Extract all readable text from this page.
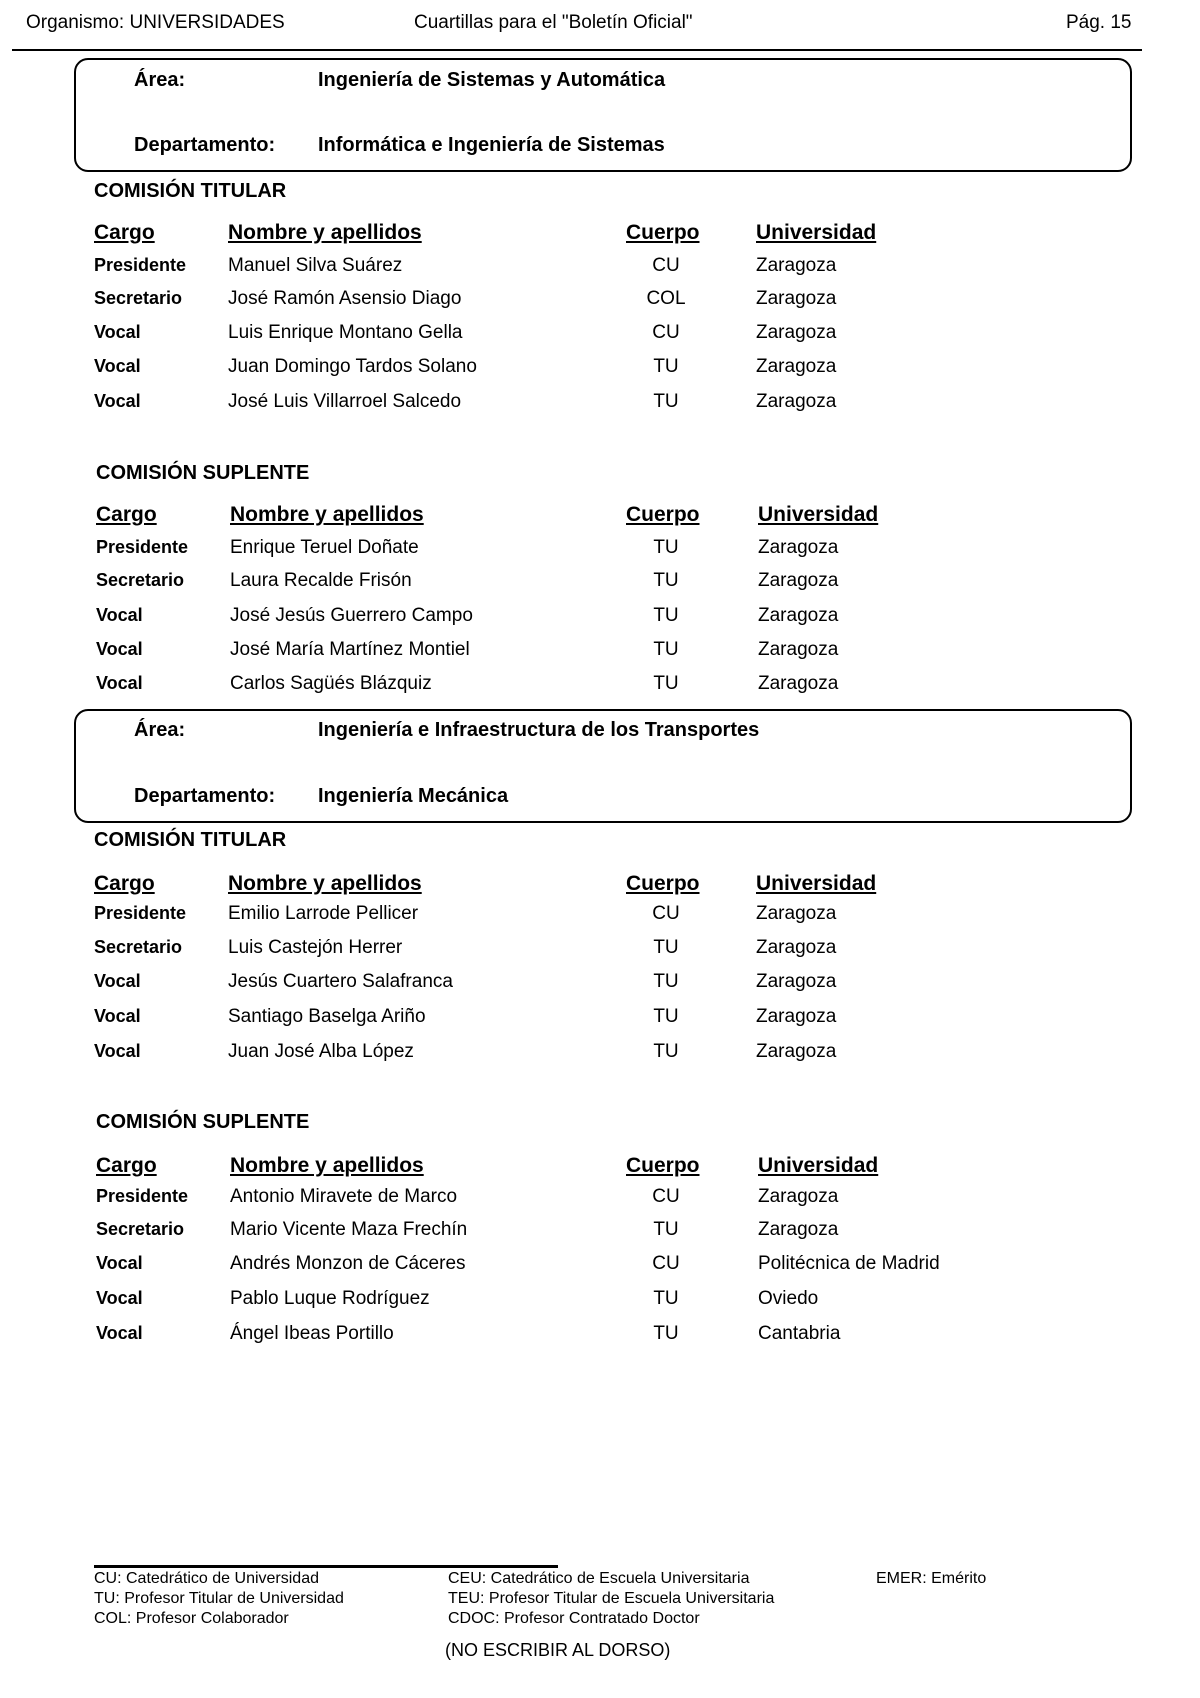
Organismo: UNIVERSIDADES	Cuartillas para el "Boletín Oficial"	Pág. 15
Área:	Ingeniería de Sistemas y Automática
Departamento: Informática e Ingeniería de Sistemas
COMISIÓN TITULAR
Cargo	Nombre y apellidos	Cuerpo	Universidad
Presidente Manuel Silva Suárez	CU	Zaragoza
Secretario José Ramón Asensio Diago	COL	Zaragoza
Vocal	Luis Enrique Montano Gella	CU	Zaragoza
Vocal	Juan Domingo Tardos Solano	TU	Zaragoza
Vocal	José Luis Villarroel Salcedo	TU	Zaragoza
COMISIÓN SUPLENTE
Cargo	Nombre y apellidos	Cuerpo	Universidad
Presidente Enrique Teruel Doñate	TU	Zaragoza
Secretario Laura Recalde Frisón	TU	Zaragoza
Vocal	José Jesús Guerrero Campo	TU	Zaragoza
Vocal	José María Martínez Montiel	TU	Zaragoza
Vocal	Carlos Sagüés Blázquiz	TU	Zaragoza
Área:	Ingeniería e Infraestructura de los Transportes
Departamento: Ingeniería Mecánica
COMISIÓN TITULAR
Cargo	Nombre y apellidos	Cuerpo	Universidad
Presidente Emilio Larrode Pellicer	CU	Zaragoza
Secretario Luis Castejón Herrer	TU	Zaragoza
Vocal	Jesús Cuartero Salafranca	TU	Zaragoza
Vocal	Santiago Baselga Ariño	TU	Zaragoza
Vocal	Juan José Alba López	TU	Zaragoza
COMISIÓN SUPLENTE
Cargo	Nombre y apellidos	Cuerpo	Universidad
Presidente Antonio Miravete de Marco	CU	Zaragoza
Secretario Mario Vicente Maza Frechín	TU	Zaragoza
Vocal	Andrés Monzon de Cáceres	CU	Politécnica de Madrid
Vocal	Pablo Luque Rodríguez	TU	Oviedo
Vocal	Ángel Ibeas Portillo	TU	Cantabria
CU: Catedrático de Universidad
TU: Profesor Titular de Universidad
COL: Profesor Colaborador
CEU: Catedrático de Escuela Universitaria
TEU: Profesor Titular de Escuela Universitaria
CDOC: Profesor Contratado Doctor
EMER: Emérito
(NO ESCRIBIR AL DORSO)
